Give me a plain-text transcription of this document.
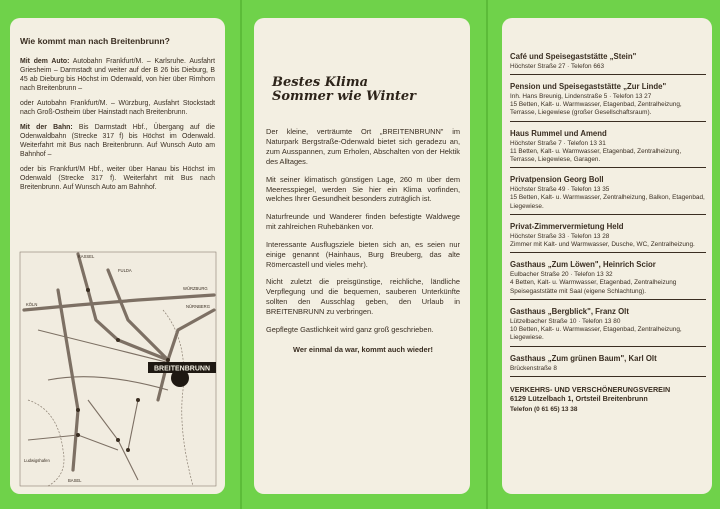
Wie kommt man nach Breitenbrunn?

Mit dem Auto: Autobahn Frankfurt/M. – Karlsruhe. Ausfahrt Griesheim – Darmstadt und weiter auf der B 26 bis Dieburg, B 45 ab Dieburg bis Höchst im Odenwald, von hier über Rimhorn nach Breitenbrunn –

oder Autobahn Frankfurt/M. – Würzburg, Ausfahrt Stockstadt nach Groß-Ostheim über Hainstadt nach Breitenbrunn.

Mit der Bahn: Bis Darmstadt Hbf., Übergang auf die Odenwaldbahn (Strecke 317 f) bis Höchst im Odenwald. Weiterfahrt mit Bus nach Breitenbrunn. Auf Wunsch Auto am Bahnhof –

oder bis Frankfurt/M Hbf., weiter über Hanau bis Höchst im Odenwald (Strecke 317 f). Weiterfahrt mit Bus nach Breitenbrunn. Auf Wunsch Auto am Bahnhof.

BREITENBRUNN
KASSEL
KÖLN
FULDA
WÜRZBURG
NÜRNBERG
Ludwigshafen
BASEL
Bestes Klima
Sommer wie Winter

Der kleine, verträumte Ort „BREITENBRUNN" im Naturpark Bergstraße-Odenwald bietet sich geradezu an, zum Ausspannen, zum Erholen, Abschalten von der Hektik des Alltages.

Mit seiner klimatisch günstigen Lage, 260 m über dem Meeresspiegel, werden Sie hier ein Klima vorfinden, welches Ihrer Gesundheit besonders zuträglich ist.

Naturfreunde und Wanderer finden befestigte Waldwege mit zahlreichen Ruhebänken vor.

Interessante Ausflugsziele bieten sich an, es seien nur einige genannt (Hainhaus, Burg Breuberg, das alte Römercastell und vieles mehr).

Nicht zuletzt die preisgünstige, reichliche, ländliche Verpflegung und die bequemen, sauberen Unterkünfte sollten den Ausschlag geben, den Urlaub in BREITENBRUNN zu verbringen.

Gepflegte Gastlichkeit wird ganz groß geschrieben.

Wer einmal da war, kommt auch wieder!

Café und Speisegaststätte „Stein"

Höchster Straße 27 · Telefon 663

Pension und Speisegaststätte „Zur Linde"

Inh. Hans Breunig, Lindenstraße 5 · Telefon 13 27

15 Betten, Kalt- u. Warmwasser, Etagenbad, Zentralheizung, Terrasse, Liegewiese (großer Gesellschaftsraum).

Haus Rummel und Amend

Höchster Straße 7 · Telefon 13 31

11 Betten, Kalt- u. Warmwasser, Etagenbad, Zentralheizung, Terrasse, Liegewiese, Garagen.

Privatpension Georg Boll

Höchster Straße 49 · Telefon 13 35

15 Betten, Kalt- u. Warmwasser, Zentralheizung, Balkon, Etagenbad, Liegewiese.

Privat-Zimmervermietung Held

Höchster Straße 33 · Telefon 13 28

Zimmer mit Kalt- und Warmwasser, Dusche, WC, Zentralheizung.

Gasthaus „Zum Löwen", Heinrich Scior

Eulbacher Straße 20 · Telefon 13 32

4 Betten, Kalt- u. Warmwasser, Etagenbad, Zentralheizung Speisegaststätte mit Saal (eigene Schlachtung).

Gasthaus „Bergblick", Franz Olt

Lützelbacher Straße 10 · Telefon 13 80

10 Betten, Kalt- u. Warmwasser, Etagenbad, Zentralheizung, Liegewiese.

Gasthaus „Zum grünen Baum", Karl Olt

Brückenstraße 8

VERKEHRS- UND VERSCHÖNERUNGSVEREIN

6129 Lützelbach 1, Ortsteil Breitenbrunn

Telefon (0 61 65) 13 38
